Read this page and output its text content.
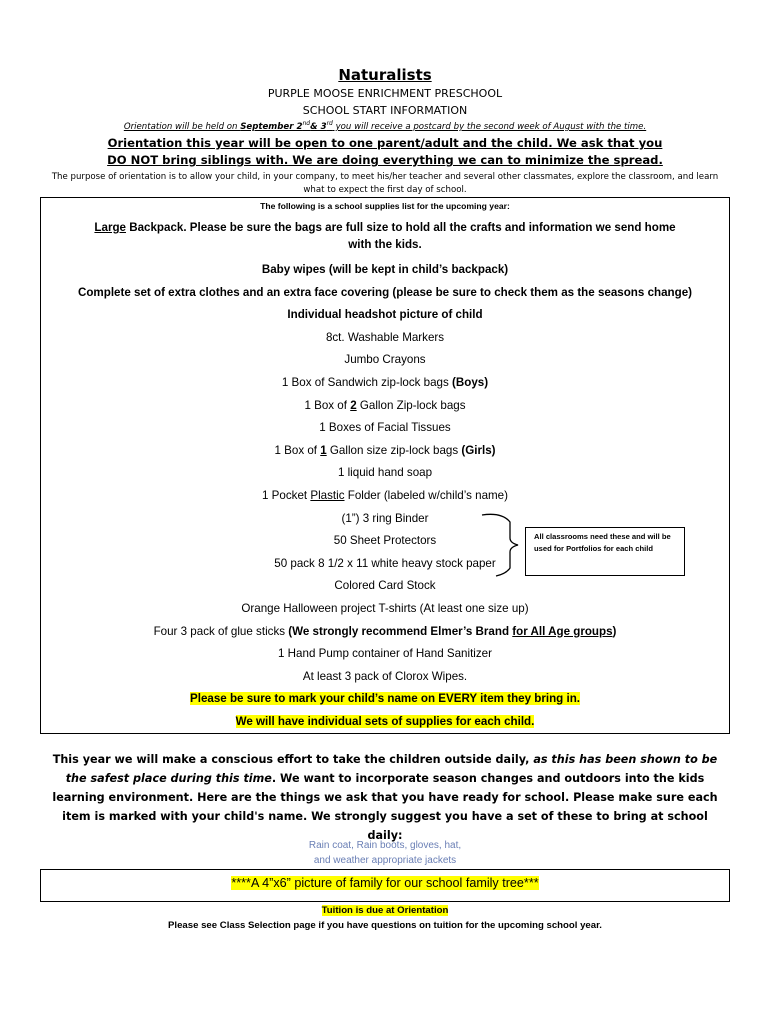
Naturalists
PURPLE MOOSE ENRICHMENT PRESCHOOL
SCHOOL START INFORMATION
Orientation will be held on September 2nd& 3rd you will receive a postcard by the second week of August with the time.
Orientation this year will be open to one parent/adult and the child. We ask that you
DO NOT bring siblings with. We are doing everything we can to minimize the spread.
The purpose of orientation is to allow your child, in your company, to meet his/her teacher and several other classmates, explore the classroom, and learn what to expect the first day of school.
The following is a school supplies list for the upcoming year:
Large Backpack. Please be sure the bags are full size to hold all the crafts and information we send home with the kids.
Baby wipes (will be kept in child’s backpack)
Complete set of extra clothes and an extra face covering (please be sure to check them as the seasons change)
Individual headshot picture of child
8ct. Washable Markers
Jumbo Crayons
1 Box of Sandwich zip-lock bags (Boys)
1 Box of 2 Gallon Zip-lock bags
1 Boxes of Facial Tissues
1 Box of 1 Gallon size zip-lock bags (Girls)
1 liquid hand soap
1 Pocket Plastic Folder (labeled w/child’s name)
(1”) 3 ring Binder
50 Sheet Protectors
50 pack 8 1/2 x 11 white heavy stock paper
Colored Card Stock
Orange Halloween project T-shirts (At least one size up)
Four 3 pack of glue sticks (We strongly recommend Elmer’s Brand for All Age groups)
1 Hand Pump container of Hand Sanitizer
At least 3 pack of Clorox Wipes.
Please be sure to mark your child’s name on EVERY item they bring in.
We will have individual sets of supplies for each child.
All classrooms need these and will be used for Portfolios for each child
This year we will make a conscious effort to take the children outside daily, as this has been shown to be the safest place during this time. We want to incorporate season changes and outdoors into the kids learning environment. Here are the things we ask that you have ready for school. Please make sure each item is marked with your child's name. We strongly suggest you have a set of these to bring at school daily:
Rain coat, Rain boots, gloves, hat,
and weather appropriate jackets
****A 4”x6” picture of family for our school family tree***
Tuition is due at Orientation
Please see Class Selection page if you have questions on tuition for the upcoming school year.
